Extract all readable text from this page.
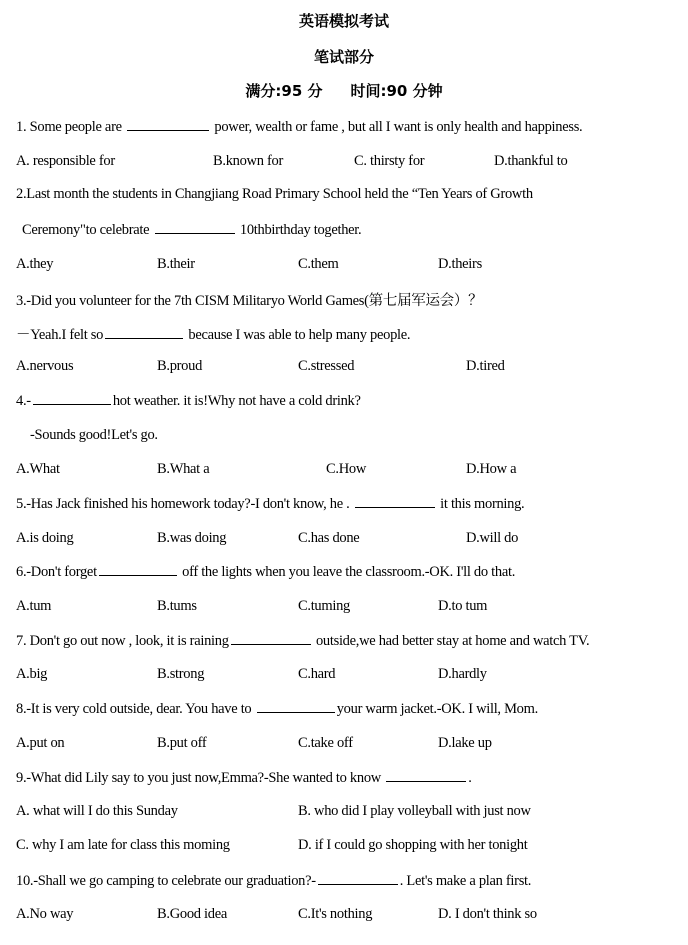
英语模拟考试
笔试部分
满分:95 分 时间:90 分钟
1. Some people are	power, wealth or fame , but all I want is only health and happiness.
A. responsible for	B.known for	C. thirsty for	D.thankful to
2.Last month the students in Changjiang Road Primary School held the “Ten Years of Growth
Ceremony"to celebrate	10thbirthday together.
A.they	B.their	C.them	D.theirs
3.-Did you volunteer for the 7th CISM Militaryo World Games(第七届军运会）？
－Yeah.I felt so	because I was able to help many people.
A.nervous	B.proud	C.stressed	D.tired
4.-	hot weather. it is!Why not have a cold drink?
-Sounds good!Let's go.
A.What	B.What a	C.How	D.How a
5.-Has Jack finished his homework today?-I don't know, he .	it this morning.
A.is doing	B.was doing	C.has done	D.will do
6.-Don't forget	off the lights when you leave the classroom.-OK. I'll do that.
A.tum	B.tums	C.tuming	D.to tum
7. Don't go out now , look, it is raining	outside,we had better stay at home and watch TV.
A.big	B.strong	C.hard	D.hardly
8.-It is very cold outside, dear. You have to	your warm jacket.-OK. I will, Mom.
A.put on	B.put off	C.take off	D.lake up
9.-What did Lily say to you just now,Emma?-She wanted to know	.
A. what will I do this Sunday	B. who did I play volleyball with just now
C. why I am late for class this moming	D. if I could go shopping with her tonight
10.-Shall we go camping to celebrate our graduation?-	. Let's make a plan first.
A.No way	B.Good idea	C.It's nothing	D. I don't think so
